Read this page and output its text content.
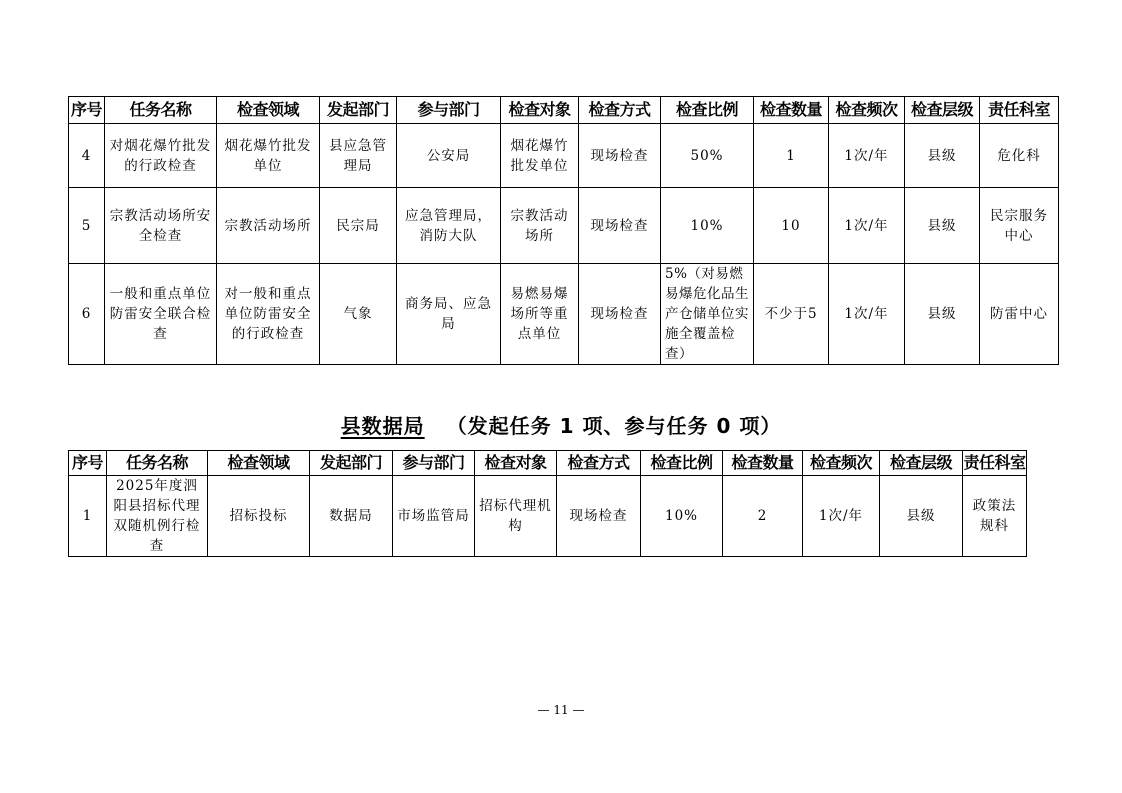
序号	任务名称	检查领域	发起部门	参与部门	检查对象	检查方式	检查比例	检查数量	检查频次	检查层级	责任科室
4	对烟花爆竹批发的行政检查	烟花爆竹批发单位	县应急管理局	公安局	烟花爆竹批发单位	现场检查	50%	1	1次/年	县级	危化科
5	宗教活动场所安全检查	宗教活动场所	民宗局	应急管理局，消防大队	宗教活动场所	现场检查	10%	10	1次/年	县级	民宗服务中心
6	一般和重点单位防雷安全联合检查	对一般和重点单位防雷安全的行政检查	气象	商务局、应急局	易燃易爆场所等重点单位	现场检查	5%（对易燃易爆危化品生产仓储单位实施全覆盖检查）	不少于5	1次/年	县级	防雷中心
县数据局 （发起任务 1 项、参与任务 0 项）
序号	任务名称	检查领域	发起部门	参与部门	检查对象	检查方式	检查比例	检查数量	检查频次	检查层级	责任科室
1	2025年度泗阳县招标代理双随机例行检查	招标投标	数据局	市场监管局	招标代理机构	现场检查	10%	2	1次/年	县级	政策法规科
— 11 —
